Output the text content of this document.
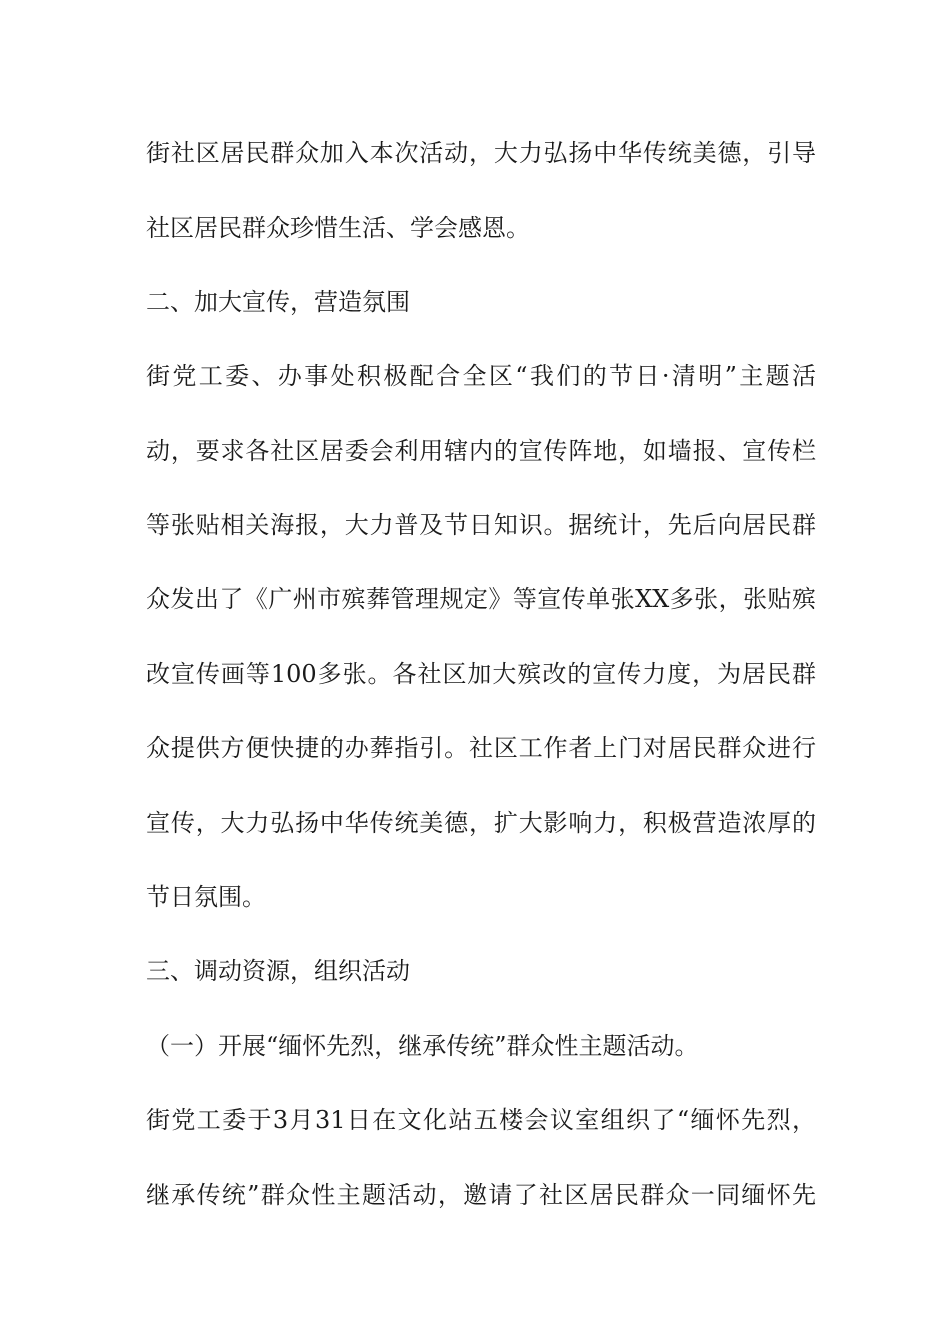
街社区居民群众加入本次活动，大力弘扬中华传统美德，引导
社区居民群众珍惜生活、学会感恩。
二、加大宣传，营造氛围
街党工委、办事处积极配合全区“我们的节日·清明”主题活
动，要求各社区居委会利用辖内的宣传阵地，如墙报、宣传栏
等张贴相关海报，大力普及节日知识。据统计，先后向居民群
众发出了《广州市殡葬管理规定》等宣传单张XX多张，张贴殡
改宣传画等100多张。各社区加大殡改的宣传力度，为居民群
众提供方便快捷的办葬指引。社区工作者上门对居民群众进行
宣传，大力弘扬中华传统美德，扩大影响力，积极营造浓厚的
节日氛围。
三、调动资源，组织活动
（一）开展“缅怀先烈，继承传统”群众性主题活动。
街党工委于3月31日在文化站五楼会议室组织了“缅怀先烈，
继承传统”群众性主题活动，邀请了社区居民群众一同缅怀先
